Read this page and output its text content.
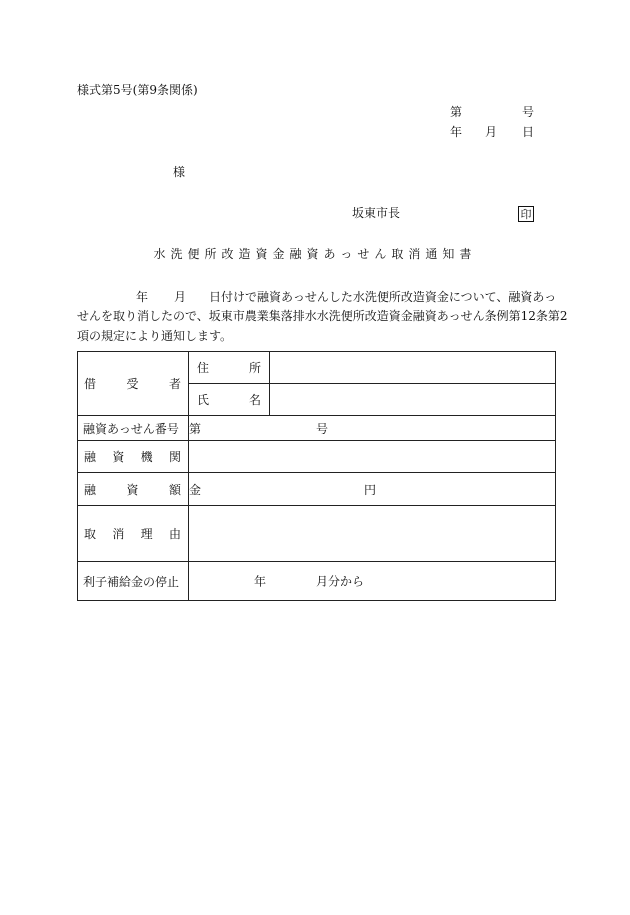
様式第5号(第9条関係)
第	号
年 月 日
様
坂東市長	印
水洗便所改造資金融資あっせん取消通知書
年 月 日付けで融資あっせんした水洗便所改造資金について、融資あっ
せんを取り消したので、坂東市農業集落排水水洗便所改造資金融資あっせん条例第12条第2
項の規定により通知します。
借 受 者	住 所	

	氏 名	

融資あっせん番号	第 号	

融 資 機 関		

融 資 額	金 円	

取 消 理 由		

利子補給金の停止	年 月分から	
